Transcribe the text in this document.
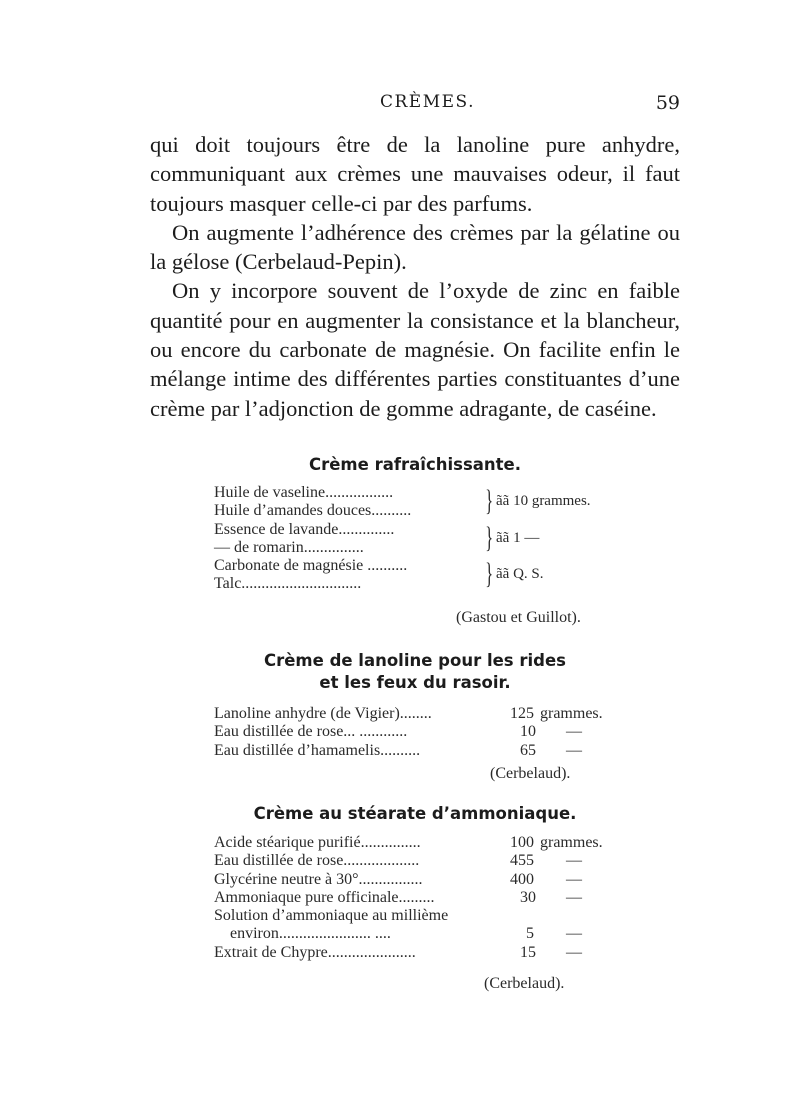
CRÈMES.	59

qui doit toujours être de la lanoline pure anhydre, communiquant aux crèmes une mauvaises odeur, il faut toujours masquer celle-ci par des parfums.

On augmente l’adhérence des crèmes par la gélatine ou la gélose (Cerbelaud-Pepin).

On y incorpore souvent de l’oxyde de zinc en faible quantité pour en augmenter la consistance et la blancheur, ou encore du carbonate de magnésie. On facilite enfin le mélange intime des différentes parties constituantes d’une crème par l’adjonction de gomme adragante, de caséine.

Crème rafraîchissante.
Huile de vaseline.................
Huile d’amandes douces.......... } ãã 10 grammes.
Essence de lavande..............
— de romarin...............	} ãã 1 —
Carbonate de magnésie ..........
Talc..............................	} ãã Q. S.
(Gastou et Guillot).
Crème de lanoline pour les rides
et les feux du rasoir.
Lanoline anhydre (de Vigier)........	125 grammes.
Eau distillée de rose... ............	10 —
Eau distillée d’hamamelis..........	65 —
(Cerbelaud).
Crème au stéarate d’ammoniaque.
Acide stéarique purifié...............	100 grammes.
Eau distillée de rose...................	455 —
Glycérine neutre à 30°................	400 —
Ammoniaque pure officinale.........	30 —
Solution d’ammoniaque au millième
environ....................... ....	5 —
Extrait de Chypre......................	15 —
(Cerbelaud).
